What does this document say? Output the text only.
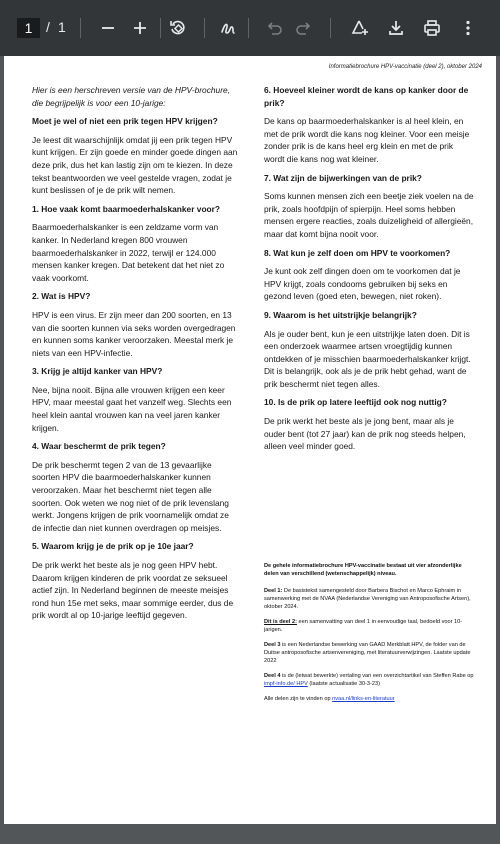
1 / 1
Informatiebrochure HPV-vaccinatie (deel 2), oktober 2024
Hier is een herschreven versie van de HPV-brochure, die begrijpelijk is voor een 10-jarige:
Moet je wel of niet een prik tegen HPV krijgen?
Je leest dit waarschijnlijk omdat jij een prik tegen HPV kunt krijgen. Er zijn goede en minder goede dingen aan deze prik, dus het kan lastig zijn om te kiezen. In deze tekst beantwoorden we veel gestelde vragen, zodat je kunt beslissen of je de prik wilt nemen.
1. Hoe vaak komt baarmoederhalskanker voor?
Baarmoederhalskanker is een zeldzame vorm van kanker. In Nederland kregen 800 vrouwen baarmoederhalskanker in 2022, terwijl er 124.000 mensen kanker kregen. Dat betekent dat het niet zo vaak voorkomt.
2. Wat is HPV?
HPV is een virus. Er zijn meer dan 200 soorten, en 13 van die soorten kunnen via seks worden overgedragen en kunnen soms kanker veroorzaken. Meestal merk je niets van een HPV-infectie.
3. Krijg je altijd kanker van HPV?
Nee, bijna nooit. Bijna alle vrouwen krijgen een keer HPV, maar meestal gaat het vanzelf weg. Slechts een heel klein aantal vrouwen kan na veel jaren kanker krijgen.
4. Waar beschermt de prik tegen?
De prik beschermt tegen 2 van de 13 gevaarlijke soorten HPV die baarmoederhalskanker kunnen veroorzaken. Maar het beschermt niet tegen alle soorten. Ook weten we nog niet of de prik levenslang werkt. Jongens krijgen de prik voornamelijk omdat ze de infectie dan niet kunnen overdragen op meisjes.
5. Waarom krijg je de prik op je 10e jaar?
De prik werkt het beste als je nog geen HPV hebt. Daarom krijgen kinderen de prik voordat ze seksueel actief zijn. In Nederland beginnen de meeste meisjes rond hun 15e met seks, maar sommige eerder, dus de prik wordt al op 10-jarige leeftijd gegeven.
6. Hoeveel kleiner wordt de kans op kanker door de prik?
De kans op baarmoederhalskanker is al heel klein, en met de prik wordt die kans nog kleiner. Voor een meisje zonder prik is de kans heel erg klein en met de prik wordt die kans nog wat kleiner.
7. Wat zijn de bijwerkingen van de prik?
Soms kunnen mensen zich een beetje ziek voelen na de prik, zoals hoofdpijn of spierpijn. Heel soms hebben mensen ergere reacties, zoals duizeligheid of allergieën, maar dat komt bijna nooit voor.
8. Wat kun je zelf doen om HPV te voorkomen?
Je kunt ook zelf dingen doen om te voorkomen dat je HPV krijgt, zoals condooms gebruiken bij seks en gezond leven (goed eten, bewegen, niet roken).
9. Waarom is het uitstrijkje belangrijk?
Als je ouder bent, kun je een uitstrijkje laten doen. Dit is een onderzoek waarmee artsen vroegtijdig kunnen ontdekken of je misschien baarmoederhalskanker krijgt. Dit is belangrijk, ook als je de prik hebt gehad, want de prik beschermt niet tegen alles.
10. Is de prik op latere leeftijd ook nog nuttig?
De prik werkt het beste als je jong bent, maar als je ouder bent (tot 27 jaar) kan de prik nog steeds helpen, alleen veel minder goed.
De gehele informatiebrochure HPV-vaccinatie bestaat uit vier afzonderlijke delen van verschillend (wetenschappelijk) niveau.
Deel 1: De basistekst samengesteld door Barbera Bischot en Marco Ephraim in samenwerking met de NVAA (Nederlandse Vereniging van Antroposofische Artsen), oktober 2024.
Dit is deel 2: een samenvatting van deel 1 in eenvoudige taal, bedoeld voor 10-jarigen.
Deel 3 is een Nederlandse bewerking van GAAD Merkblatt HPV, de folder van de Duitse antroposofische artsenvereniging, met literatuurverwijzingen. Laatste update 2022
Deel 4 is de (letwat bewerkte) vertaling van een overzichtartikel van Steffen Rabe op impf-info.de/ HPV (laatste actualisatie 30-3-23)
Alle delen zijn te vinden op nvaa.nl/links-en-literatuur
